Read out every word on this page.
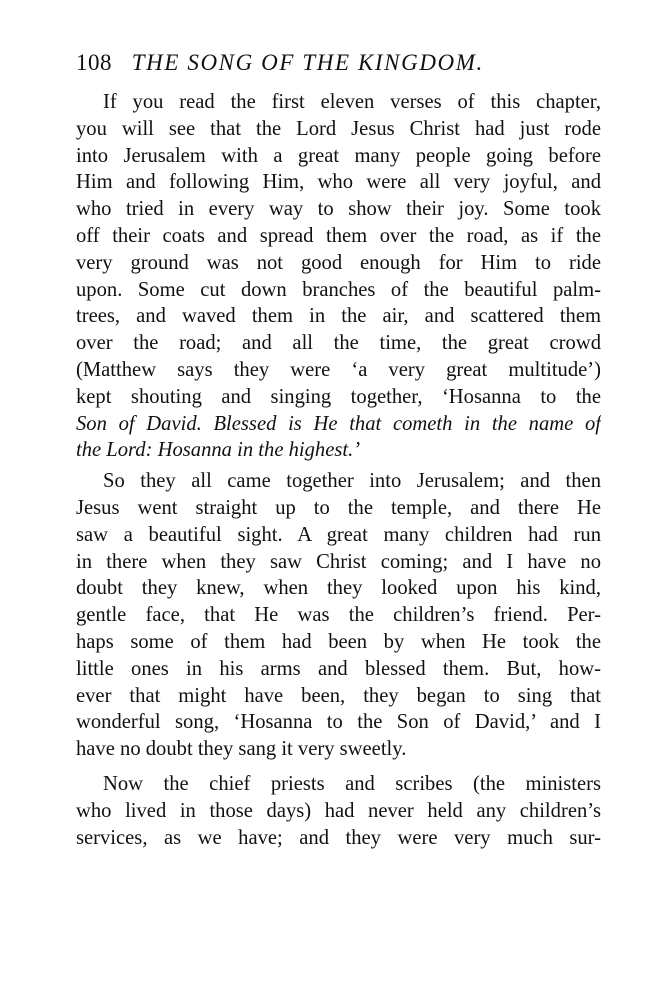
108 THE SONG OF THE KINGDOM.
If you read the first eleven verses of this chapter,
you will see that the Lord Jesus Christ had just rode
into Jerusalem with a great many people going before
Him and following Him, who were all very joyful, and
who tried in every way to show their joy. Some took
off their coats and spread them over the road, as if the
very ground was not good enough for Him to ride
upon. Some cut down branches of the beautiful palm-
trees, and waved them in the air, and scattered them
over the road; and all the time, the great crowd
(Matthew says they were ‘a very great multitude’)
kept shouting and singing together, ‘Hosanna to the
Son of David. Blessed is He that cometh in the name of
the Lord: Hosanna in the highest.’
So they all came together into Jerusalem; and then
Jesus went straight up to the temple, and there He
saw a beautiful sight. A great many children had run
in there when they saw Christ coming; and I have no
doubt they knew, when they looked upon his kind,
gentle face, that He was the children’s friend. Per-
haps some of them had been by when He took the
little ones in his arms and blessed them. But, how-
ever that might have been, they began to sing that
wonderful song, ‘Hosanna to the Son of David,’ and I
have no doubt they sang it very sweetly.
Now the chief priests and scribes (the ministers
who lived in those days) had never held any children’s
services, as we have; and they were very much sur-
